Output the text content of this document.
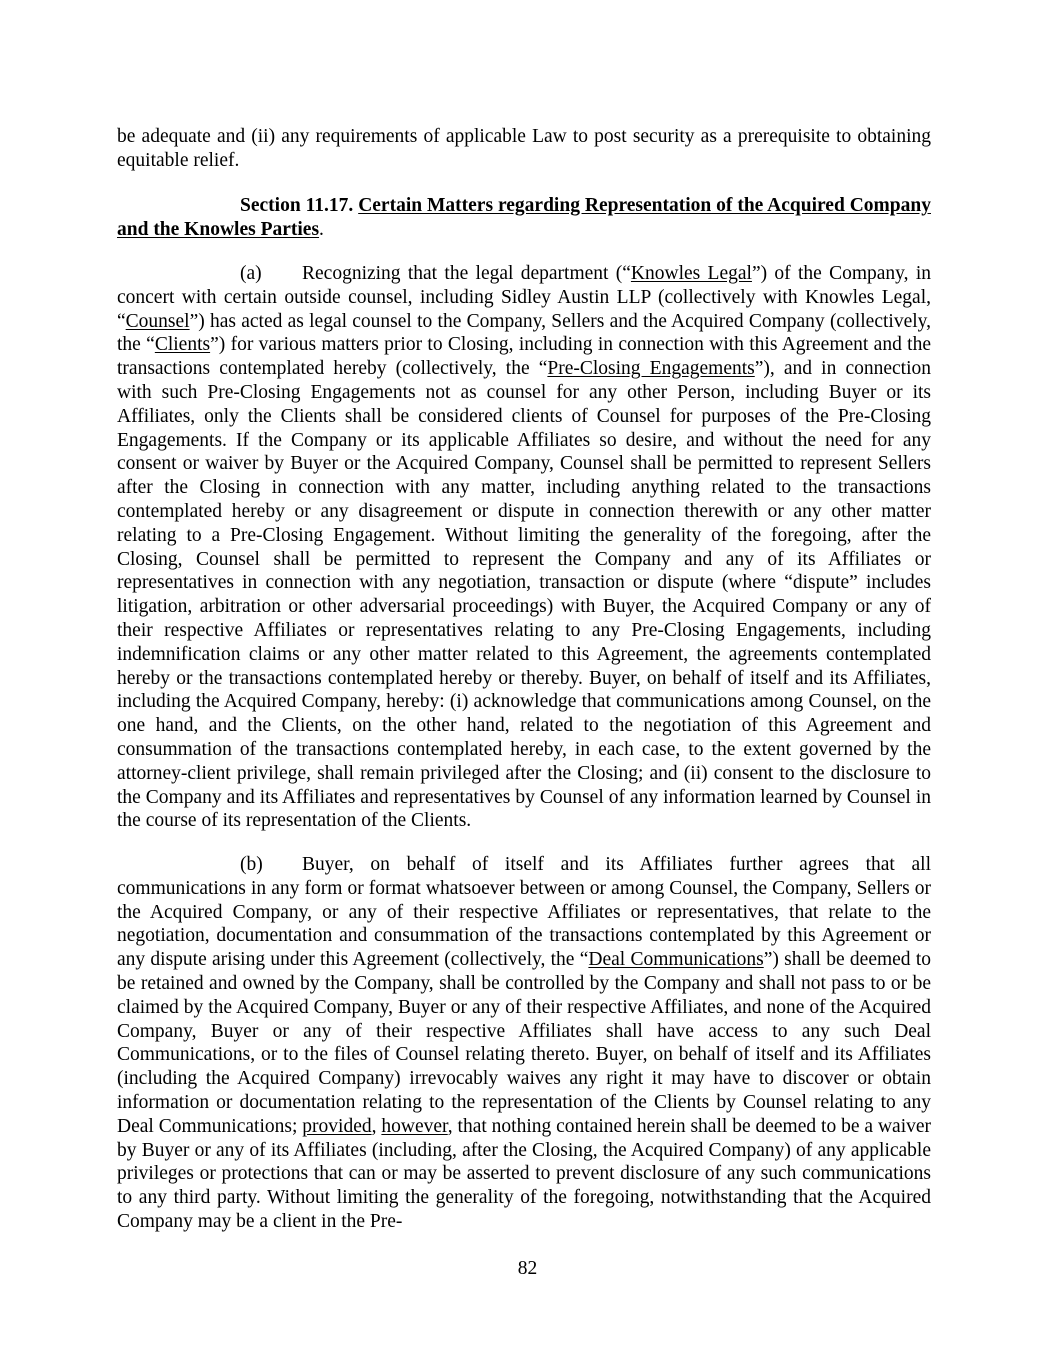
be adequate and (ii) any requirements of applicable Law to post security as a prerequisite to obtaining equitable relief.

Section 11.17. Certain Matters regarding Representation of the Acquired Company and the Knowles Parties.

(a) Recognizing that the legal department (“Knowles Legal”) of the Company, in concert with certain outside counsel, including Sidley Austin LLP (collectively with Knowles Legal, “Counsel”) has acted as legal counsel to the Company, Sellers and the Acquired Company (collectively, the “Clients”) for various matters prior to Closing, including in connection with this Agreement and the transactions contemplated hereby (collectively, the “Pre-Closing Engagements”), and in connection with such Pre-Closing Engagements not as counsel for any other Person, including Buyer or its Affiliates, only the Clients shall be considered clients of Counsel for purposes of the Pre-Closing Engagements. If the Company or its applicable Affiliates so desire, and without the need for any consent or waiver by Buyer or the Acquired Company, Counsel shall be permitted to represent Sellers after the Closing in connection with any matter, including anything related to the transactions contemplated hereby or any disagreement or dispute in connection therewith or any other matter relating to a Pre-Closing Engagement. Without limiting the generality of the foregoing, after the Closing, Counsel shall be permitted to represent the Company and any of its Affiliates or representatives in connection with any negotiation, transaction or dispute (where “dispute” includes litigation, arbitration or other adversarial proceedings) with Buyer, the Acquired Company or any of their respective Affiliates or representatives relating to any Pre-Closing Engagements, including indemnification claims or any other matter related to this Agreement, the agreements contemplated hereby or the transactions contemplated hereby or thereby. Buyer, on behalf of itself and its Affiliates, including the Acquired Company, hereby: (i) acknowledge that communications among Counsel, on the one hand, and the Clients, on the other hand, related to the negotiation of this Agreement and consummation of the transactions contemplated hereby, in each case, to the extent governed by the attorney-client privilege, shall remain privileged after the Closing; and (ii) consent to the disclosure to the Company and its Affiliates and representatives by Counsel of any information learned by Counsel in the course of its representation of the Clients.

(b) Buyer, on behalf of itself and its Affiliates further agrees that all communications in any form or format whatsoever between or among Counsel, the Company, Sellers or the Acquired Company, or any of their respective Affiliates or representatives, that relate to the negotiation, documentation and consummation of the transactions contemplated by this Agreement or any dispute arising under this Agreement (collectively, the “Deal Communications”) shall be deemed to be retained and owned by the Company, shall be controlled by the Company and shall not pass to or be claimed by the Acquired Company, Buyer or any of their respective Affiliates, and none of the Acquired Company, Buyer or any of their respective Affiliates shall have access to any such Deal Communications, or to the files of Counsel relating thereto. Buyer, on behalf of itself and its Affiliates (including the Acquired Company) irrevocably waives any right it may have to discover or obtain information or documentation relating to the representation of the Clients by Counsel relating to any Deal Communications; provided, however, that nothing contained herein shall be deemed to be a waiver by Buyer or any of its Affiliates (including, after the Closing, the Acquired Company) of any applicable privileges or protections that can or may be asserted to prevent disclosure of any such communications to any third party. Without limiting the generality of the foregoing, notwithstanding that the Acquired Company may be a client in the Pre-

82
